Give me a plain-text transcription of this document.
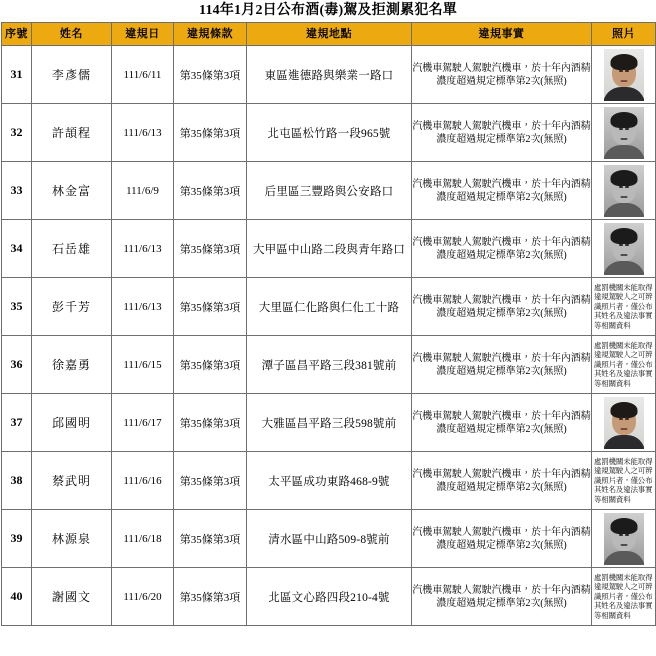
114年1月2日公布酒(毒)駕及拒測累犯名單
序號	姓名	違規日	違規條款	違規地點	違規事實	照片
31	李彥儒	111/6/11	第35條第3項	東區進德路與樂業一路口	汽機車駕駛人駕駛汽機車，於十年內酒精濃度超過規定標準第2次(無照)	

32	許頡程	111/6/13	第35條第3項	北屯區松竹路一段965號	汽機車駕駛人駕駛汽機車，於十年內酒精濃度超過規定標準第2次(無照)	

33	林金富	111/6/9	第35條第3項	后里區三豐路與公安路口	汽機車駕駛人駕駛汽機車，於十年內酒精濃度超過規定標準第2次(無照)	

34	石岳雄	111/6/13	第35條第3項	大甲區中山路二段與青年路口	汽機車駕駛人駕駛汽機車，於十年內酒精濃度超過規定標準第2次(無照)	

35	彭千芳	111/6/13	第35條第3項	大里區仁化路與仁化工十路	汽機車駕駛人駕駛汽機車，於十年內酒精濃度超過規定標準第2次(無照)	處罰機關未能取得違規駕駛人之可辨識照片者，僅公布其姓名及違法事實等相關資料

36	徐嘉勇	111/6/15	第35條第3項	潭子區昌平路三段381號前	汽機車駕駛人駕駛汽機車，於十年內酒精濃度超過規定標準第2次(無照)	處罰機關未能取得違規駕駛人之可辨識照片者，僅公布其姓名及違法事實等相關資料

37	邱國明	111/6/17	第35條第3項	大雅區昌平路三段598號前	汽機車駕駛人駕駛汽機車，於十年內酒精濃度超過規定標準第2次(無照)	

38	蔡武明	111/6/16	第35條第3項	太平區成功東路468-9號	汽機車駕駛人駕駛汽機車，於十年內酒精濃度超過規定標準第2次(無照)	處罰機關未能取得違規駕駛人之可辨識照片者，僅公布其姓名及違法事實等相關資料

39	林源泉	111/6/18	第35條第3項	清水區中山路509-8號前	汽機車駕駛人駕駛汽機車，於十年內酒精濃度超過規定標準第2次(無照)	

40	謝國文	111/6/20	第35條第3項	北區文心路四段210-4號	汽機車駕駛人駕駛汽機車，於十年內酒精濃度超過規定標準第2次(無照)	處罰機關未能取得違規駕駛人之可辨識照片者，僅公布其姓名及違法事實等相關資料
